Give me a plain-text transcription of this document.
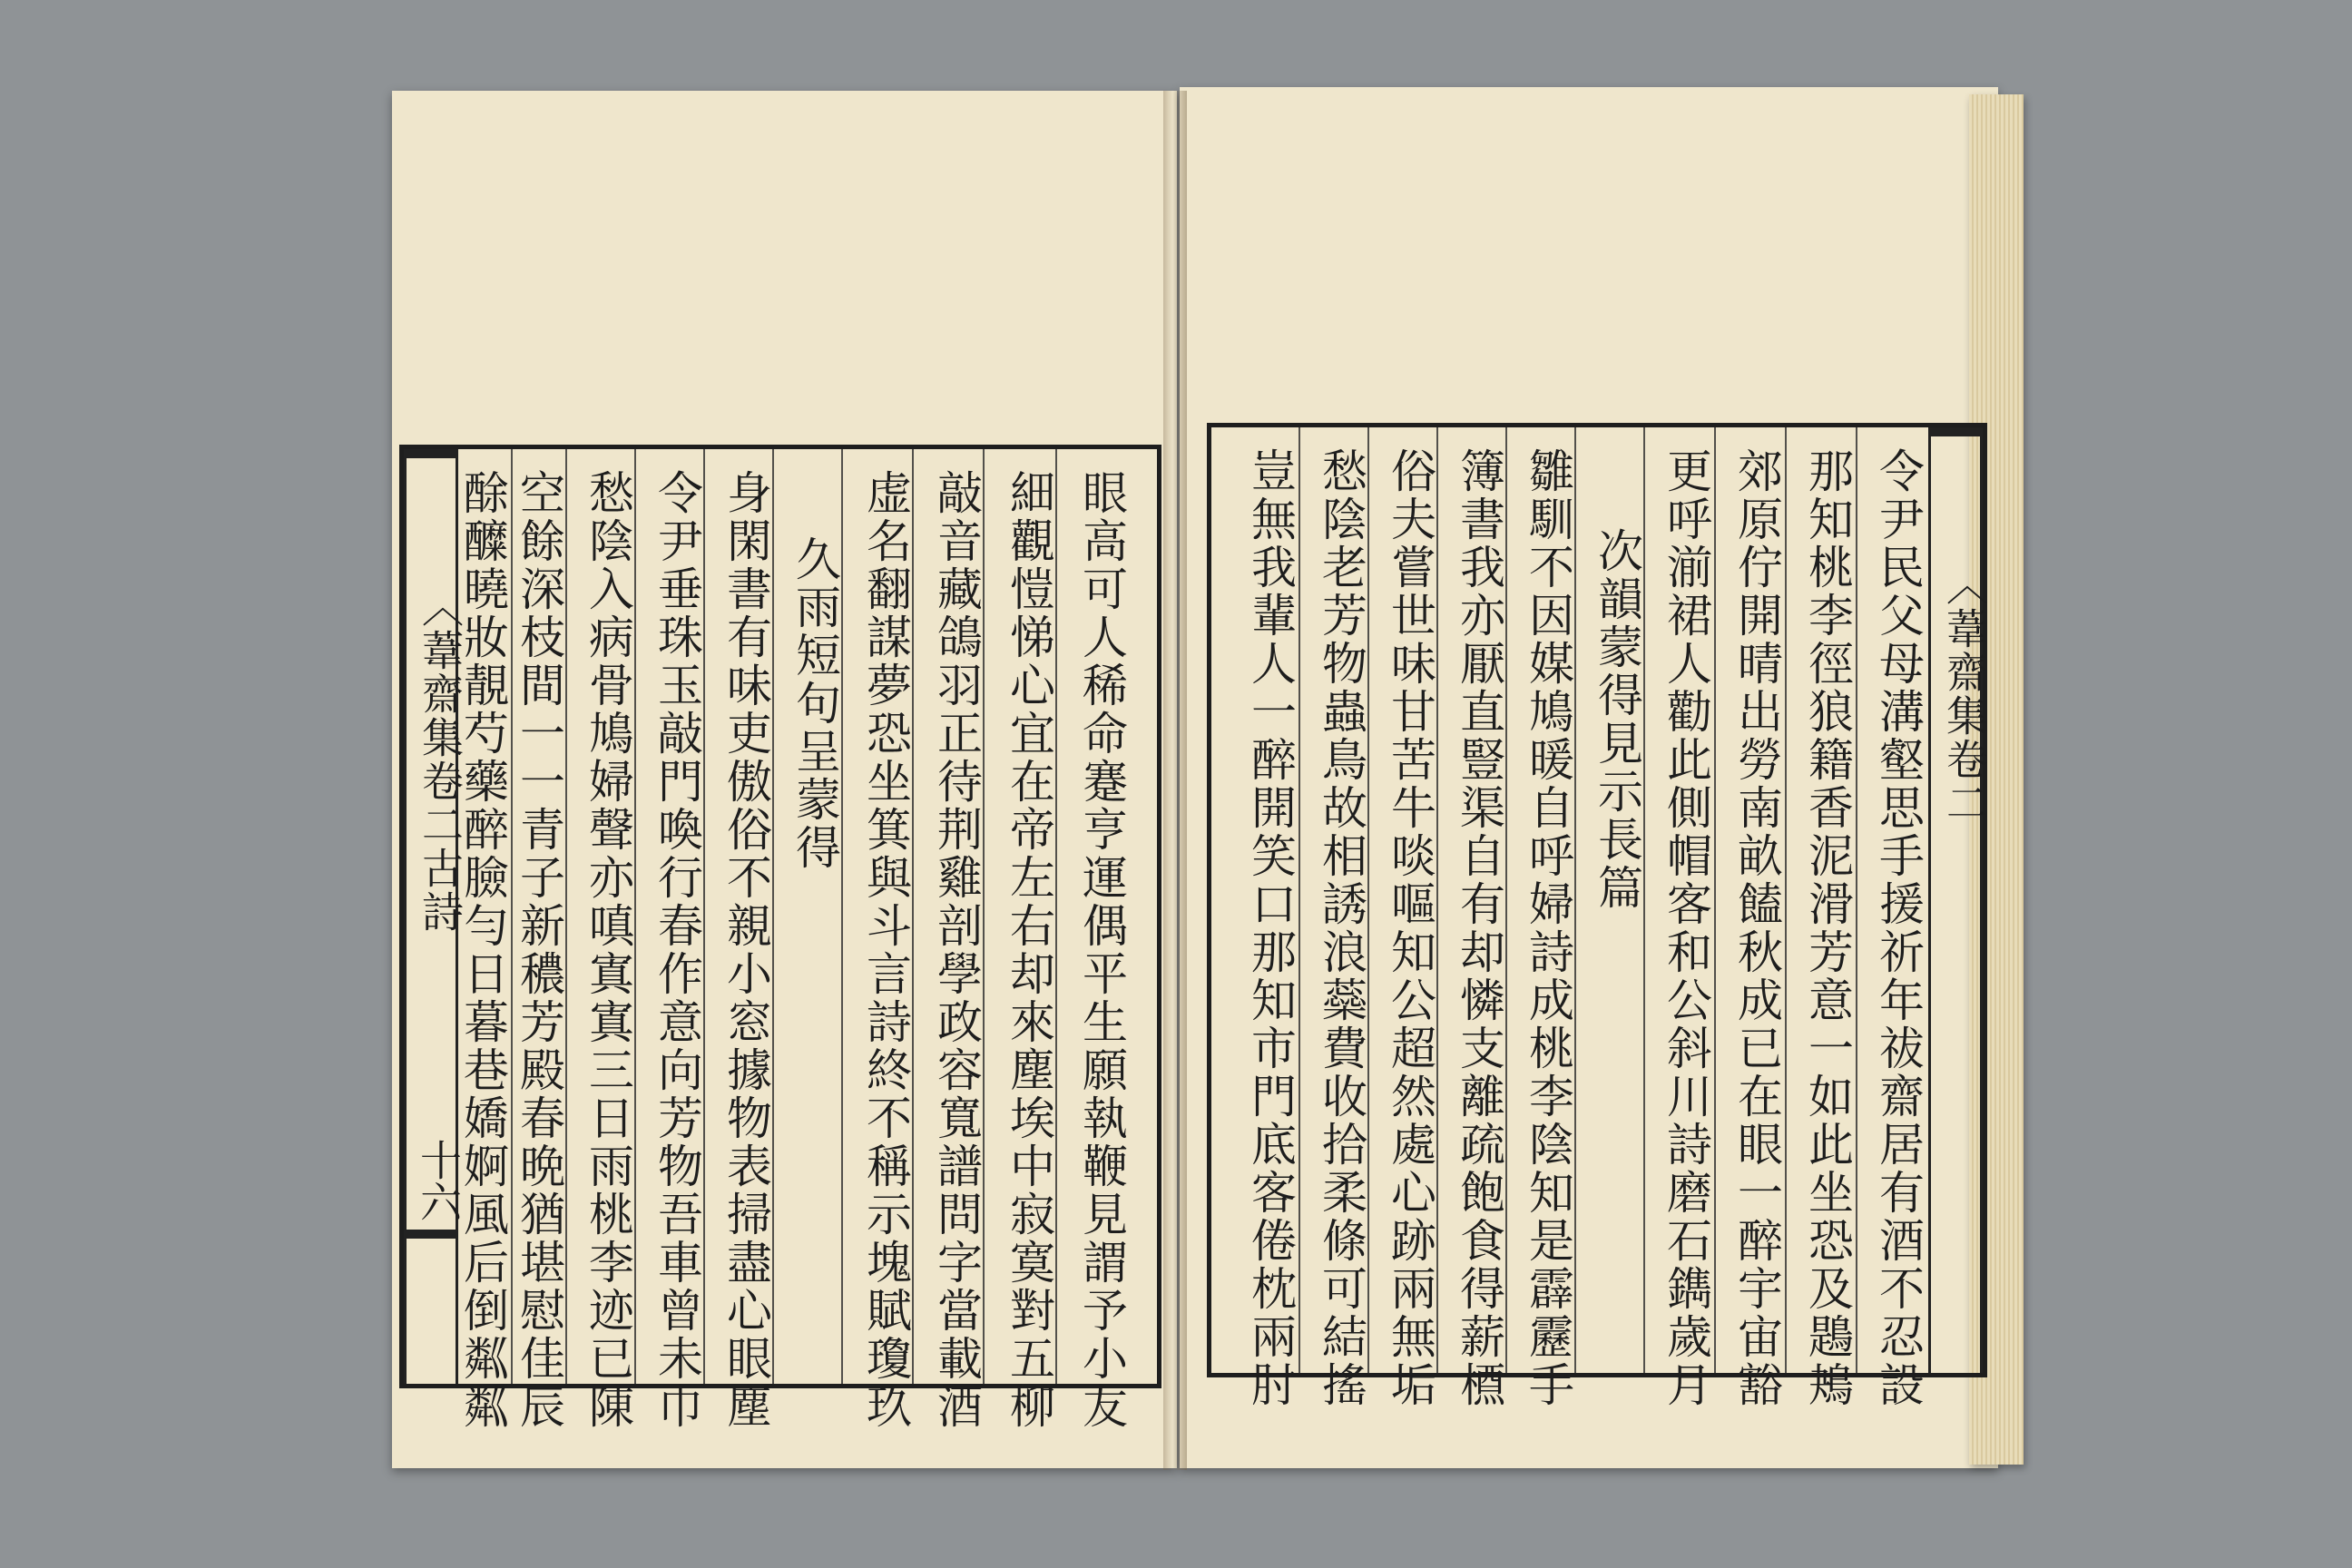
〈葦齋集卷二古詩
十六	眼高可人稀命蹇亨運偶平生願執鞭見謂予小友
細觀愷悌心宜在帝左右却來塵埃中寂寞對五柳
敲音藏鴿羽正待荆雞剖學政容寬譜問字當載酒
虚名翻謀夢恐坐箕與斗言詩終不稱示塊賦瓊玖
久雨短句呈蒙得
身閑書有味吏傲俗不親小窓據物表掃盡心眼塵
令尹垂珠玉敲門喚行春作意向芳物吾車曾未巾
愁陰入病骨鳩婦聲亦嗔寘寘三日雨桃李迹已陳
空餘深枝間一一青子新穠芳殿春晩猶堪慰佳辰
酴醾曉妝靚芍藥醉臉勻日暮巷嬌婀風后倒粼粼	〈葦齋集卷二
令尹民父母溝壑思手援祈年祓齋居有酒不忍設
那知桃李徑狼籍香泥滑芳意一如此坐恐及鶗鴂
郊原佇開晴出勞南畝饁秋成已在眼一醉宇宙豁
更呼湔裙人勸此側帽客和公斜川詩磨石鐫歲月
次韻蒙得見示長篇
雛馴不因媒鳩暖自呼婦詩成桃李陰知是霹靂手
簿書我亦厭直豎渠自有却憐支離疏飽食得薪槱
俗夫嘗世味甘苦牛啖嘔知公超然處心跡兩無垢
愁陰老芳物蟲鳥故相誘浪蘂費收拾柔條可結搖
豈無我輩人一醉開笑口那知市門底客倦枕兩肘
